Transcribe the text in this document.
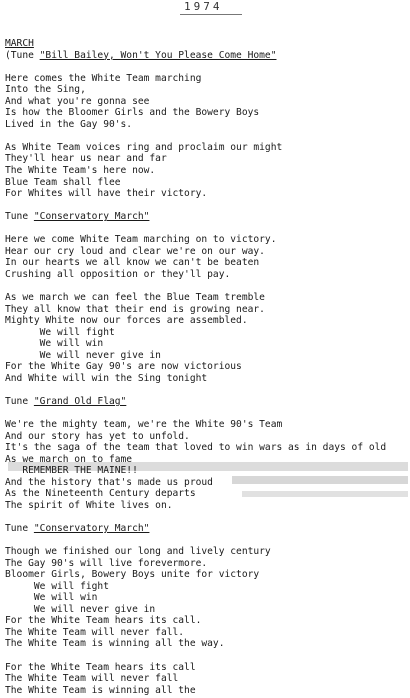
1974
MARCH
(Tune "Bill Bailey, Won't You Please Come Home"
Here comes the White Team marching
Into the Sing,
And what you're gonna see
Is how the Bloomer Girls and the Bowery Boys
Lived in the Gay 90's.
As White Team voices ring and proclaim our might
They'll hear us near and far
The White Team's here now.
Blue Team shall flee
For Whites will have their victory.
Tune "Conservatory March"
Here we come White Team marching on to victory.
Hear our cry loud and clear we're on our way.
In our hearts we all know we can't be beaten
Crushing all opposition or they'll pay.
As we march we can feel the Blue Team tremble
They all know that their end is growing near.
Mighty White now our forces are assembled.
We will fight
We will win
We will never give in
For the White Gay 90's are now victorious
And White will win the Sing tonight
Tune "Grand Old Flag"
We're the mighty team, we're the White 90's Team
And our story has yet to unfold.
It's the saga of the team that loved to win wars as in days of old
As we march on to fame
REMEMBER THE MAINE!!
And the history that's made us proud
As the Nineteenth Century departs
The spirit of White lives on.
Tune "Conservatory March"
Though we finished our long and lively century
The Gay 90's will live forevermore.
Bloomer Girls, Bowery Boys unite for victory
We will fight
We will win
We will never give in
For the White Team hears its call.
The White Team will never fall.
The White Team is winning all the way.
For the White Team hears its call
The White Team will never fall
The White Team is winning all the
